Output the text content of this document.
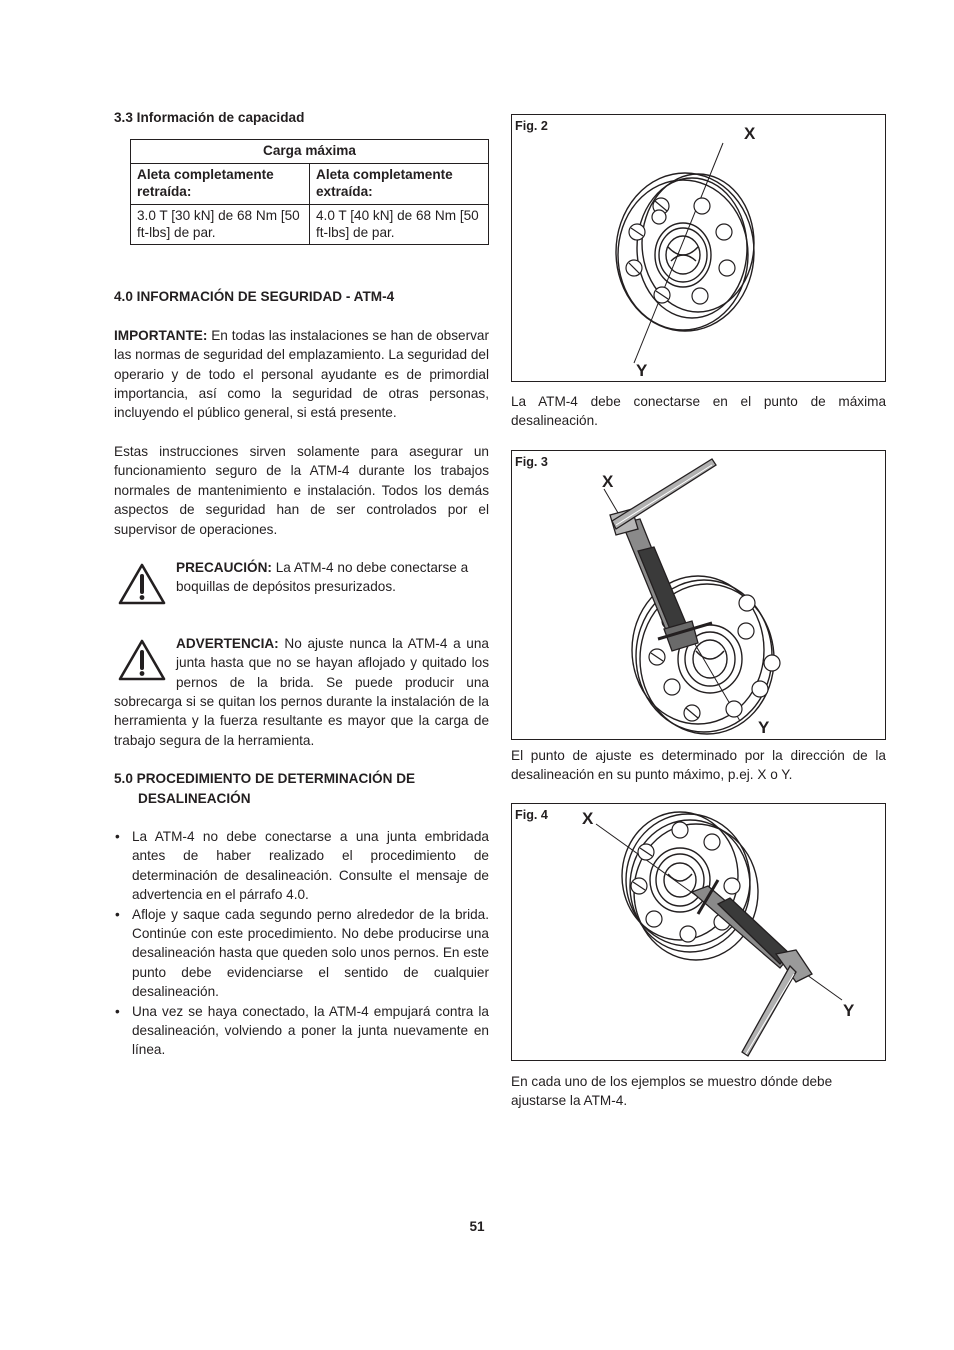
3.3 Información de capacidad

Carga máxima	
Aleta completamente retraída:	Aleta completamente extraída:
3.0 T [30 kN] de 68 Nm [50 ft-lbs] de par.	4.0 T [40 kN] de 68 Nm [50 ft-lbs] de par.

4.0 INFORMACIÓN DE SEGURIDAD - ATM-4

IMPORTANTE: En todas las instalaciones se han de observar las normas de seguridad del emplazamiento. La seguridad del operario y de todo el personal ayudante es de primordial importancia, así como la seguridad de otras personas, incluyendo el público general, si está presente.

Estas instrucciones sirven solamente para asegurar un funcionamiento seguro de la ATM-4 durante los trabajos normales de mantenimiento e instalación. Todos los demás aspectos de seguridad han de ser controlados por el supervisor de operaciones.

PRECAUCIÓN: La ATM-4 no debe conectarse a boquillas de depósitos presurizados.

ADVERTENCIA: No ajuste nunca la ATM-4 a una junta hasta que no se hayan aflojado y quitado los pernos de la brida. Se puede producir una sobrecarga si se quitan los pernos durante la instalación de la herramienta y la fuerza resultante es mayor que la carga de trabajo segura de la herramienta.

5.0 PROCEDIMIENTO DE DETERMINACIÓN DE

DESALINEACIÓN

• La ATM-4 no debe conectarse a una junta embridada antes de haber realizado el procedimiento de determinación de desalineación. Consulte el mensaje de advertencia en el párrafo 4.0.
• Afloje y saque cada segundo perno alrededor de la brida. Continúe con este procedimiento. No debe producirse una desalineación hasta que queden solo unos pernos. En este punto debe evidenciarse el sentido de cualquier desalineación.
• Una vez se haya conectado, la ATM-4 empujará contra la desalineación, volviendo a poner la junta nuevamente en línea.
X
Y
Fig. 2

La ATM-4 debe conectarse en el punto de máxima desalineación.

X
Y
Fig. 3

El punto de ajuste es determinado por la dirección de la desalineación en su punto máximo, p.ej. X o Y.

X
Y
Fig. 4

En cada uno de los ejemplos se muestro dónde debe ajustarse la ATM-4.

51
